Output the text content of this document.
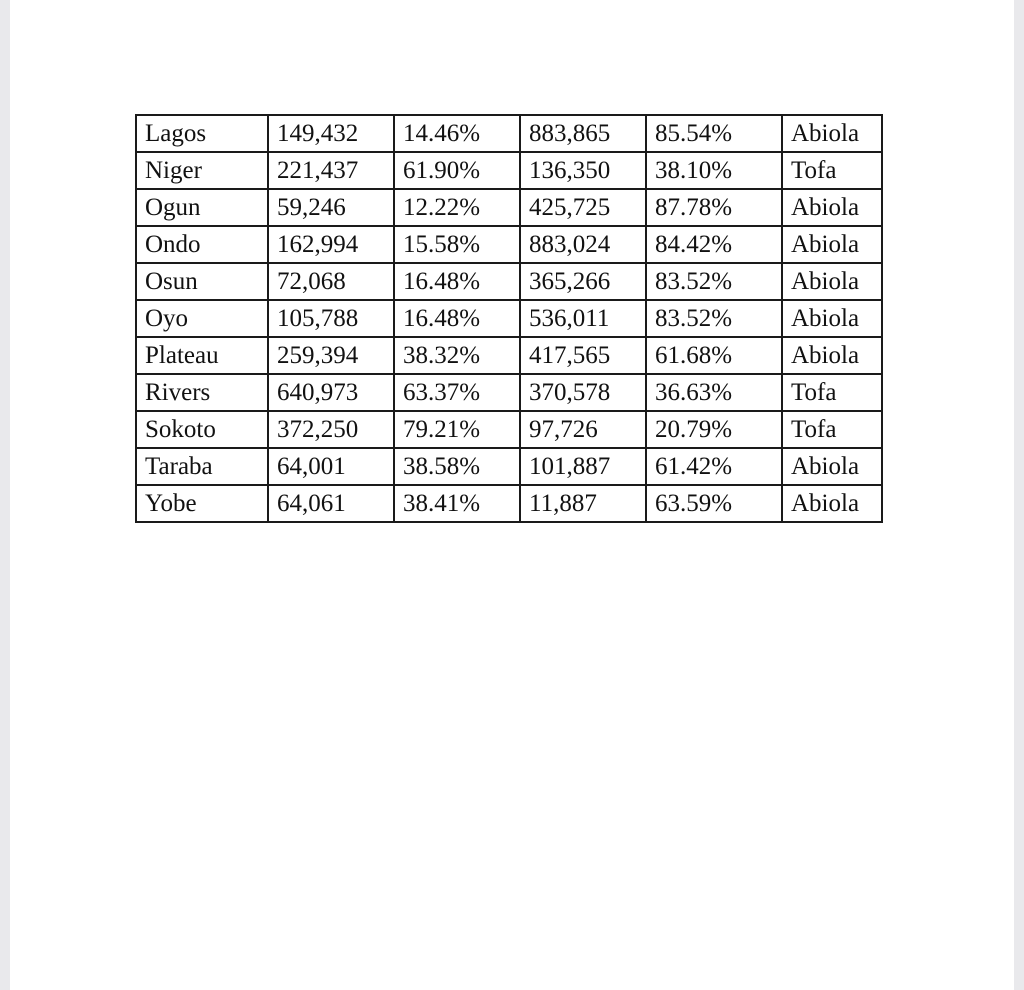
Lagos	149,432	14.46%	883,865	85.54%	Abiola
Niger	221,437	61.90%	136,350	38.10%	Tofa
Ogun	59,246	12.22%	425,725	87.78%	Abiola
Ondo	162,994	15.58%	883,024	84.42%	Abiola
Osun	72,068	16.48%	365,266	83.52%	Abiola
Oyo	105,788	16.48%	536,011	83.52%	Abiola
Plateau	259,394	38.32%	417,565	61.68%	Abiola
Rivers	640,973	63.37%	370,578	36.63%	Tofa
Sokoto	372,250	79.21%	97,726	20.79%	Tofa
Taraba	64,001	38.58%	101,887	61.42%	Abiola
Yobe	64,061	38.41%	11,887	63.59%	Abiola
